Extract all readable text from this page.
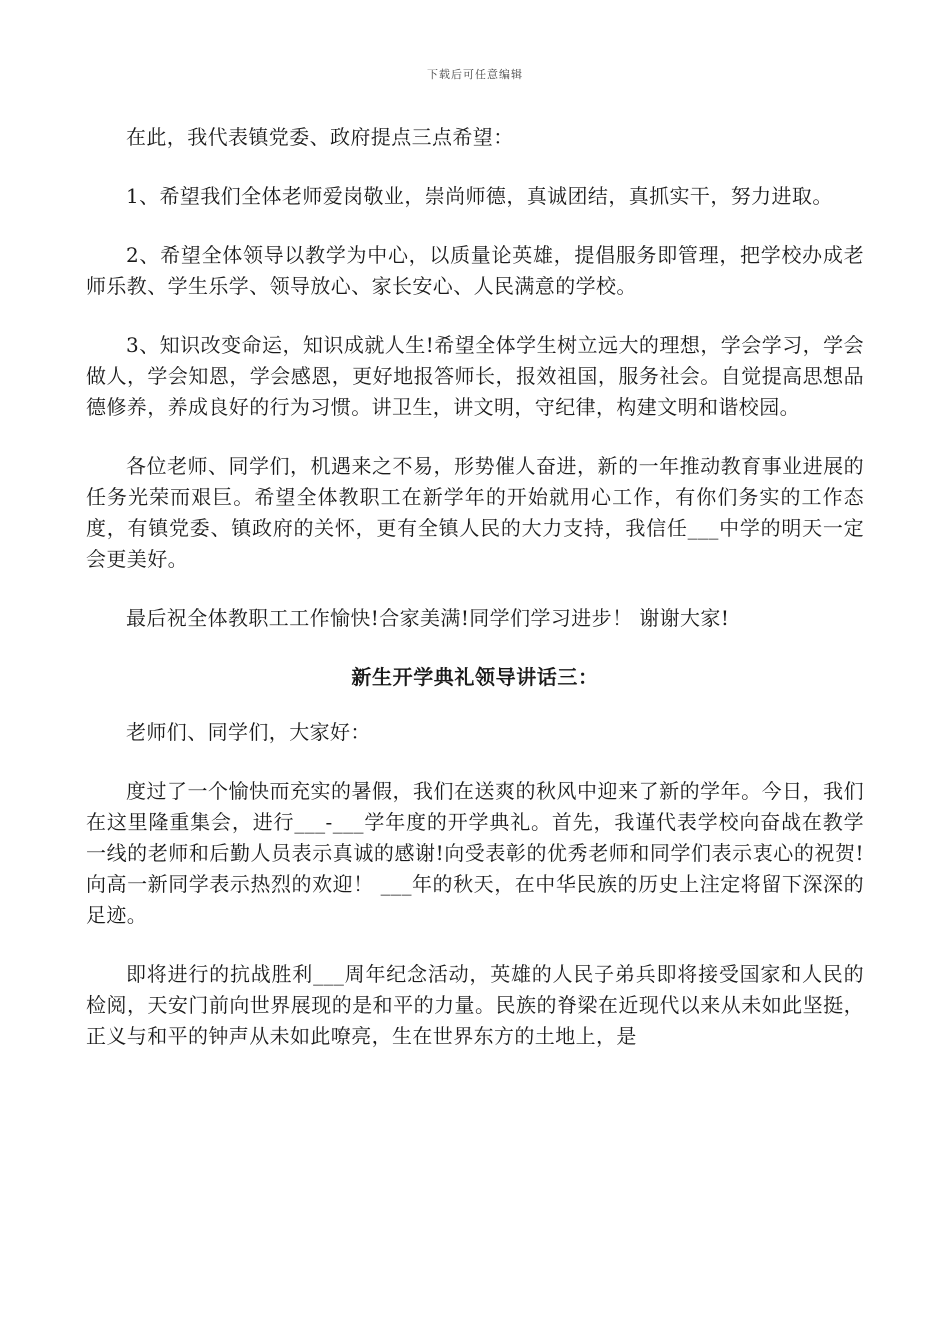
下载后可任意编辑

在此，我代表镇党委、政府提点三点希望：

1、希望我们全体老师爱岗敬业，崇尚师德，真诚团结，真抓实干，努力进取。

2、希望全体领导以教学为中心，以质量论英雄，提倡服务即管理，把学校办成老师乐教、学生乐学、领导放心、家长安心、人民满意的学校。

3、知识改变命运，知识成就人生!希望全体学生树立远大的理想，学会学习，学会做人，学会知恩，学会感恩，更好地报答师长，报效祖国，服务社会。自觉提高思想品德修养，养成良好的行为习惯。讲卫生，讲文明，守纪律，构建文明和谐校园。

各位老师、同学们，机遇来之不易，形势催人奋进，新的一年推动教育事业进展的任务光荣而艰巨。希望全体教职工在新学年的开始就用心工作，有你们务实的工作态度，有镇党委、镇政府的关怀，更有全镇人民的大力支持，我信任___中学的明天一定会更美好。

最后祝全体教职工工作愉快!合家美满!同学们学习进步！ 谢谢大家!

新生开学典礼领导讲话三：

老师们、同学们，大家好：

度过了一个愉快而充实的暑假，我们在送爽的秋风中迎来了新的学年。今日，我们在这里隆重集会，进行___-___学年度的开学典礼。首先，我谨代表学校向奋战在教学一线的老师和后勤人员表示真诚的感谢!向受表彰的优秀老师和同学们表示衷心的祝贺!向高一新同学表示热烈的欢迎！ ___年的秋天，在中华民族的历史上注定将留下深深的足迹。

即将进行的抗战胜利___周年纪念活动，英雄的人民子弟兵即将接受国家和人民的检阅，天安门前向世界展现的是和平的力量。民族的脊梁在近现代以来从未如此坚挺，正义与和平的钟声从未如此嘹亮，生在世界东方的土地上，是
